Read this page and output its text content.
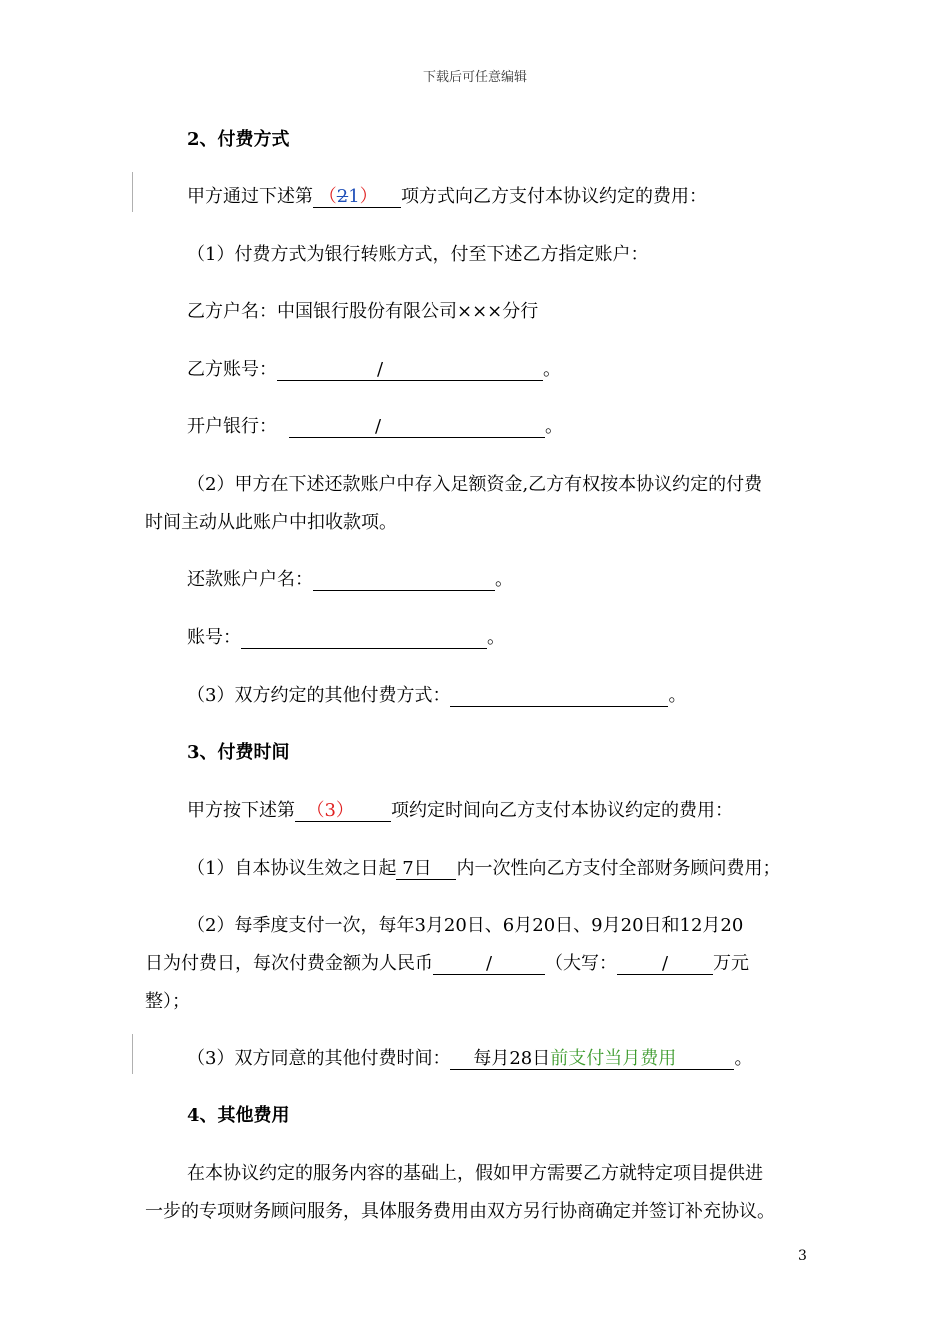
下载后可任意编辑
2、付费方式
甲方通过下述第 （21） 项方式向乙方支付本协议约定的费用：
（1）付费方式为银行转账方式，付至下述乙方指定账户：
乙方户名：中国银行股份有限公司×××分行
乙方账号：	/	。
开户银行：	/	。
（2）甲方在下述还款账户中存入足额资金,乙方有权按本协议约定的付费
时间主动从此账户中扣收款项。
还款账户户名：	。
账号：	。
（3）双方约定的其他付费方式：	。
3、付费时间
甲方按下述第 （3） 项约定时间向乙方支付本协议约定的费用：
（1）自本协议生效之日起 7日 内一次性向乙方支付全部财务顾问费用；
（2）每季度支付一次，每年3月20日、6月20日、9月20日和12月20
日为付费日，每次付费金额为人民币	/	（大写： / 万元
整）；
（3）双方同意的其他付费时间： 每月28日前支付当月费用	。
4、其他费用
在本协议约定的服务内容的基础上，假如甲方需要乙方就特定项目提供进
一步的专项财务顾问服务，具体服务费用由双方另行协商确定并签订补充协议。
3
